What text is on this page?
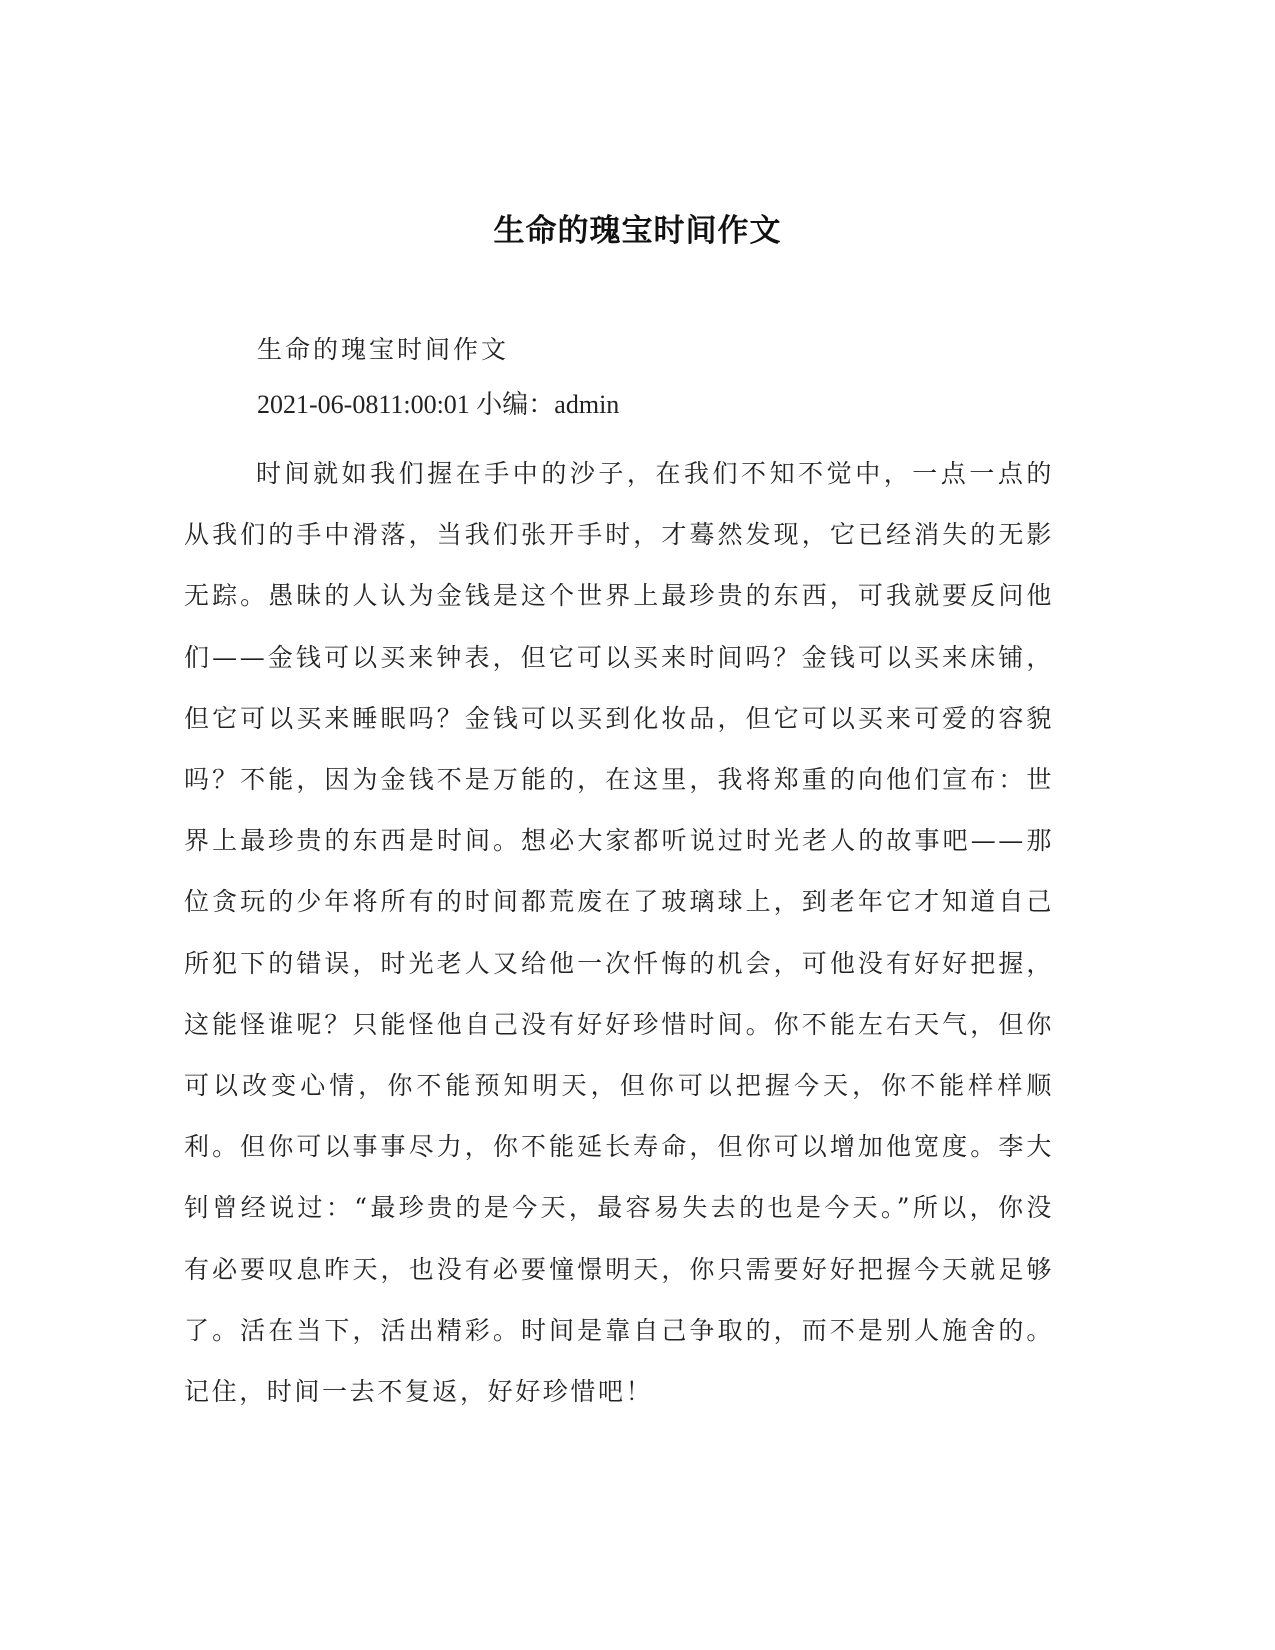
生命的瑰宝时间作文
生命的瑰宝时间作文
2021-06-0811:00:01 小编：admin

时间就如我们握在手中的沙子，在我们不知不觉中，一点一点的从我们的手中滑落，当我们张开手时，才蓦然发现，它已经消失的无影无踪。愚昧的人认为金钱是这个世界上最珍贵的东西，可我就要反问他们——金钱可以买来钟表，但它可以买来时间吗？金钱可以买来床铺，但它可以买来睡眠吗？金钱可以买到化妆品，但它可以买来可爱的容貌吗？不能，因为金钱不是万能的，在这里，我将郑重的向他们宣布：世界上最珍贵的东西是时间。想必大家都听说过时光老人的故事吧——那位贪玩的少年将所有的时间都荒废在了玻璃球上，到老年它才知道自己所犯下的错误，时光老人又给他一次忏悔的机会，可他没有好好把握，这能怪谁呢？只能怪他自己没有好好珍惜时间。你不能左右天气，但你可以改变心情，你不能预知明天，但你可以把握今天，你不能样样顺利。但你可以事事尽力，你不能延长寿命，但你可以增加他宽度。李大钊曾经说过：“最珍贵的是今天，最容易失去的也是今天。”所以，你没有必要叹息昨天，也没有必要憧憬明天，你只需要好好把握今天就足够了。活在当下，活出精彩。时间是靠自己争取的，而不是别人施舍的。记住，时间一去不复返，好好珍惜吧！
